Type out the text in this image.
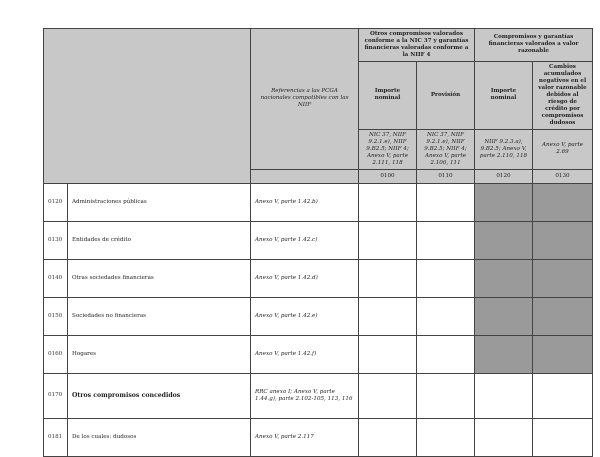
		Referencias a las PCGA nacionales compatibles con las NIIF	Otros compromisos valorados conforme a la NIC 37 y garantías financieras valoradas conforme a la NIIF 4		Compromisos y garantías financieras valorados a valor razonable	
			Importe nominal	Provisión	Importe nominal	Cambios acumulados negativos en el valor razonable debidos al riesgo de crédito por compromisos dudosos
			NIC 37, NIIF 9.2.1.e), NIIF 9.B2.5; NIIF 4; Anexo V, parte 2.111, 118	NIC 37, NIIF 9.2.1.e), NIIF 9.B2.5; NIIF 4; Anexo V, parte 2.106, 111	NIIF 9.2.3.a), 9.B2.5; Anexo V, parte 2.110, 118	Anexo V, parte 2.69
			0100	0110	0120	0130
0120	Administraciones públicas	Anexo V, parte 1.42.b)				
0130	Entidades de crédito	Anexo V, parte 1.42.c)				
0140	Otras sociedades financieras	Anexo V, parte 1.42.d)				
0150	Sociedades no financieras	Anexo V, parte 1.42.e)				
0160	Hogares	Anexo V, parte 1.42.f)				
0170	Otros compromisos concedidos	RRC anexo I; Anexo V, parte 1.44.g), parte 2.102-105, 113, 116				
0181	De los cuales: dudosos	Anexo V, parte 2.117				
